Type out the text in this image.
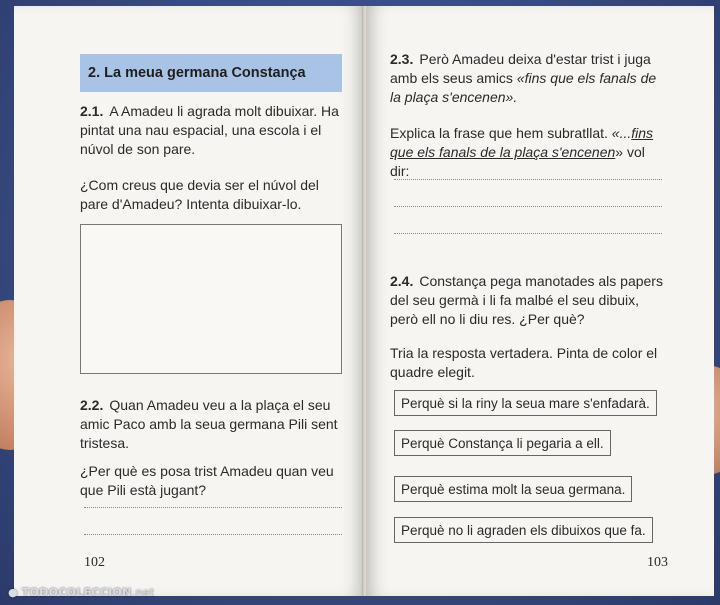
2. La meua germana Constança
2.1. A Amadeu li agrada molt dibuixar. Ha pintat una nau espacial, una escola i el núvol de son pare.
¿Com creus que devia ser el núvol del pare d'Amadeu? Intenta dibuixar-lo.
2.2. Quan Amadeu veu a la plaça el seu amic Paco amb la seua germana Pili sent tristesa.
¿Per què es posa trist Amadeu quan veu que Pili està jugant?
102
2.3. Però Amadeu deixa d'estar trist i juga amb els seus amics «fins que els fanals de la plaça s'encenen».
Explica la frase que hem subratllat. «...fins que els fanals de la plaça s'encenen» vol dir:
2.4. Constança pega manotades als papers del seu germà i li fa malbé el seu dibuix, però ell no li diu res. ¿Per què?
Tria la resposta vertadera. Pinta de color el quadre elegit.
103
Perquè si la riny la seua mare s'enfadarà.
Perquè Constança li pegaria a ell.
Perquè estima molt la seua germana.
Perquè no li agraden els dibuixos que fa.
● TODOCOLECCION.net
